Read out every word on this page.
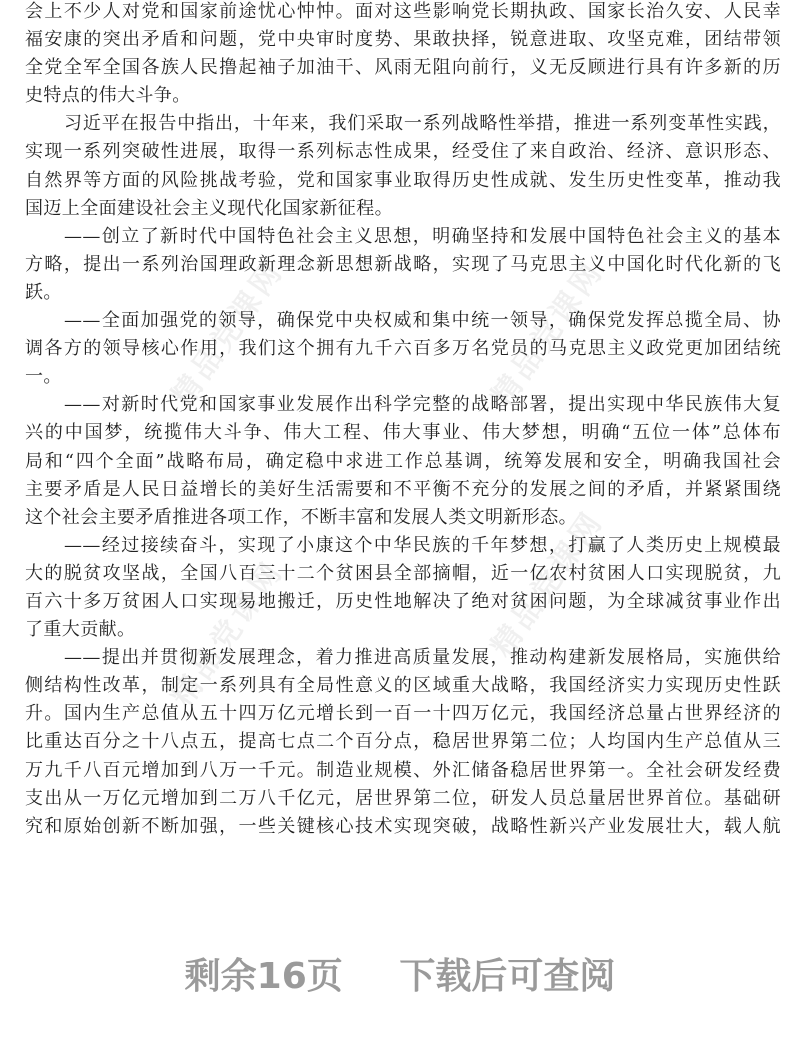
精品党课网	精品党课网
精品党课网	精品党课网
会上不少人对党和国家前途忧心忡忡。面对这些影响党长期执政、国家长治久安、人民幸
福安康的突出矛盾和问题，党中央审时度势、果敢抉择，锐意进取、攻坚克难，团结带领
全党全军全国各族人民撸起袖子加油干、风雨无阻向前行，义无反顾进行具有许多新的历
史特点的伟大斗争。
习近平在报告中指出，十年来，我们采取一系列战略性举措，推进一系列变革性实践，
实现一系列突破性进展，取得一系列标志性成果，经受住了来自政治、经济、意识形态、
自然界等方面的风险挑战考验，党和国家事业取得历史性成就、发生历史性变革，推动我
国迈上全面建设社会主义现代化国家新征程。
——创立了新时代中国特色社会主义思想，明确坚持和发展中国特色社会主义的基本
方略，提出一系列治国理政新理念新思想新战略，实现了马克思主义中国化时代化新的飞
跃。
——全面加强党的领导，确保党中央权威和集中统一领导，确保党发挥总揽全局、协
调各方的领导核心作用，我们这个拥有九千六百多万名党员的马克思主义政党更加团结统
一。
——对新时代党和国家事业发展作出科学完整的战略部署，提出实现中华民族伟大复
兴的中国梦，统揽伟大斗争、伟大工程、伟大事业、伟大梦想，明确“五位一体”总体布
局和“四个全面”战略布局，确定稳中求进工作总基调，统筹发展和安全，明确我国社会
主要矛盾是人民日益增长的美好生活需要和不平衡不充分的发展之间的矛盾，并紧紧围绕
这个社会主要矛盾推进各项工作，不断丰富和发展人类文明新形态。
——经过接续奋斗，实现了小康这个中华民族的千年梦想，打赢了人类历史上规模最
大的脱贫攻坚战，全国八百三十二个贫困县全部摘帽，近一亿农村贫困人口实现脱贫，九
百六十多万贫困人口实现易地搬迁，历史性地解决了绝对贫困问题，为全球减贫事业作出
了重大贡献。
——提出并贯彻新发展理念，着力推进高质量发展，推动构建新发展格局，实施供给
侧结构性改革，制定一系列具有全局性意义的区域重大战略，我国经济实力实现历史性跃
升。国内生产总值从五十四万亿元增长到一百一十四万亿元，我国经济总量占世界经济的
比重达百分之十八点五，提高七点二个百分点，稳居世界第二位；人均国内生产总值从三
万九千八百元增加到八万一千元。制造业规模、外汇储备稳居世界第一。全社会研发经费
支出从一万亿元增加到二万八千亿元，居世界第二位，研发人员总量居世界首位。基础研
究和原始创新不断加强，一些关键核心技术实现突破，战略性新兴产业发展壮大，载人航
剩余16页 下载后可查阅
